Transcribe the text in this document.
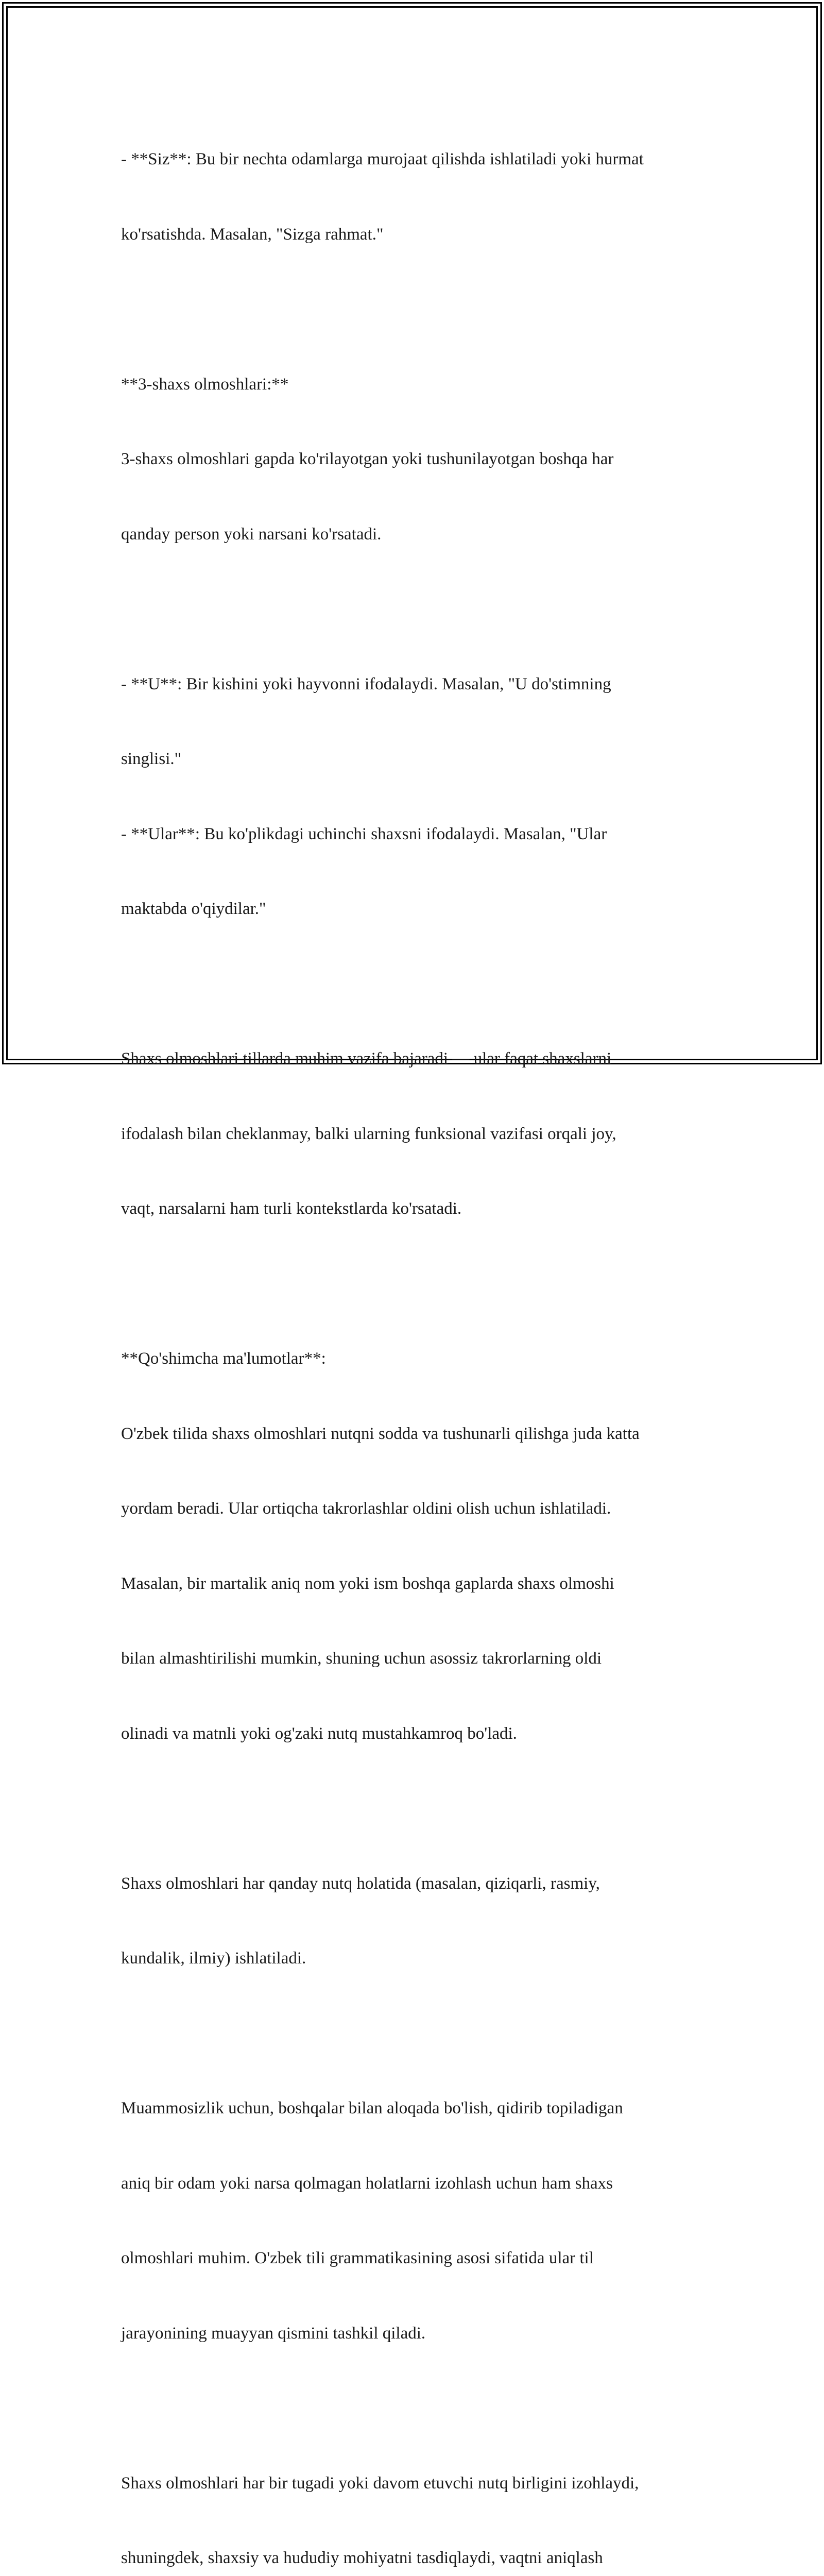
- **Siz**: Bu bir nechta odamlarga murojaat qilishda ishlatiladi yoki hurmat

ko'rsatishda. Masalan, "Sizga rahmat."

**3-shaxs olmoshlari:**

3-shaxs olmoshlari gapda ko'rilayotgan yoki tushunilayotgan boshqa har

qanday person yoki narsani ko'rsatadi.

- **U**: Bir kishini yoki hayvonni ifodalaydi. Masalan, "U do'stimning

singlisi."

- **Ular**: Bu ko'plikdagi uchinchi shaxsni ifodalaydi. Masalan, "Ular

maktabda o'qiydilar."

Shaxs olmoshlari tillarda muhim vazifa bajaradi — ular faqat shaxslarni

ifodalash bilan cheklanmay, balki ularning funksional vazifasi orqali joy,

vaqt, narsalarni ham turli kontekstlarda ko'rsatadi.

**Qo'shimcha ma'lumotlar**:

O'zbek tilida shaxs olmoshlari nutqni sodda va tushunarli qilishga juda katta

yordam beradi. Ular ortiqcha takrorlashlar oldini olish uchun ishlatiladi.

Masalan, bir martalik aniq nom yoki ism boshqa gaplarda shaxs olmoshi

bilan almashtirilishi mumkin, shuning uchun asossiz takrorlarning oldi

olinadi va matnli yoki og'zaki nutq mustahkamroq bo'ladi.

Shaxs olmoshlari har qanday nutq holatida (masalan, qiziqarli, rasmiy,

kundalik, ilmiy) ishlatiladi.

Muammosizlik uchun, boshqalar bilan aloqada bo'lish, qidirib topiladigan

aniq bir odam yoki narsa qolmagan holatlarni izohlash uchun ham shaxs

olmoshlari muhim. O'zbek tili grammatikasining asosi sifatida ular til

jarayonining muayyan qismini tashkil qiladi.

Shaxs olmoshlari har bir tugadi yoki davom etuvchi nutq birligini izohlaydi,

shuningdek, shaxsiy va hududiy mohiyatni tasdiqlaydi, vaqtni aniqlash
